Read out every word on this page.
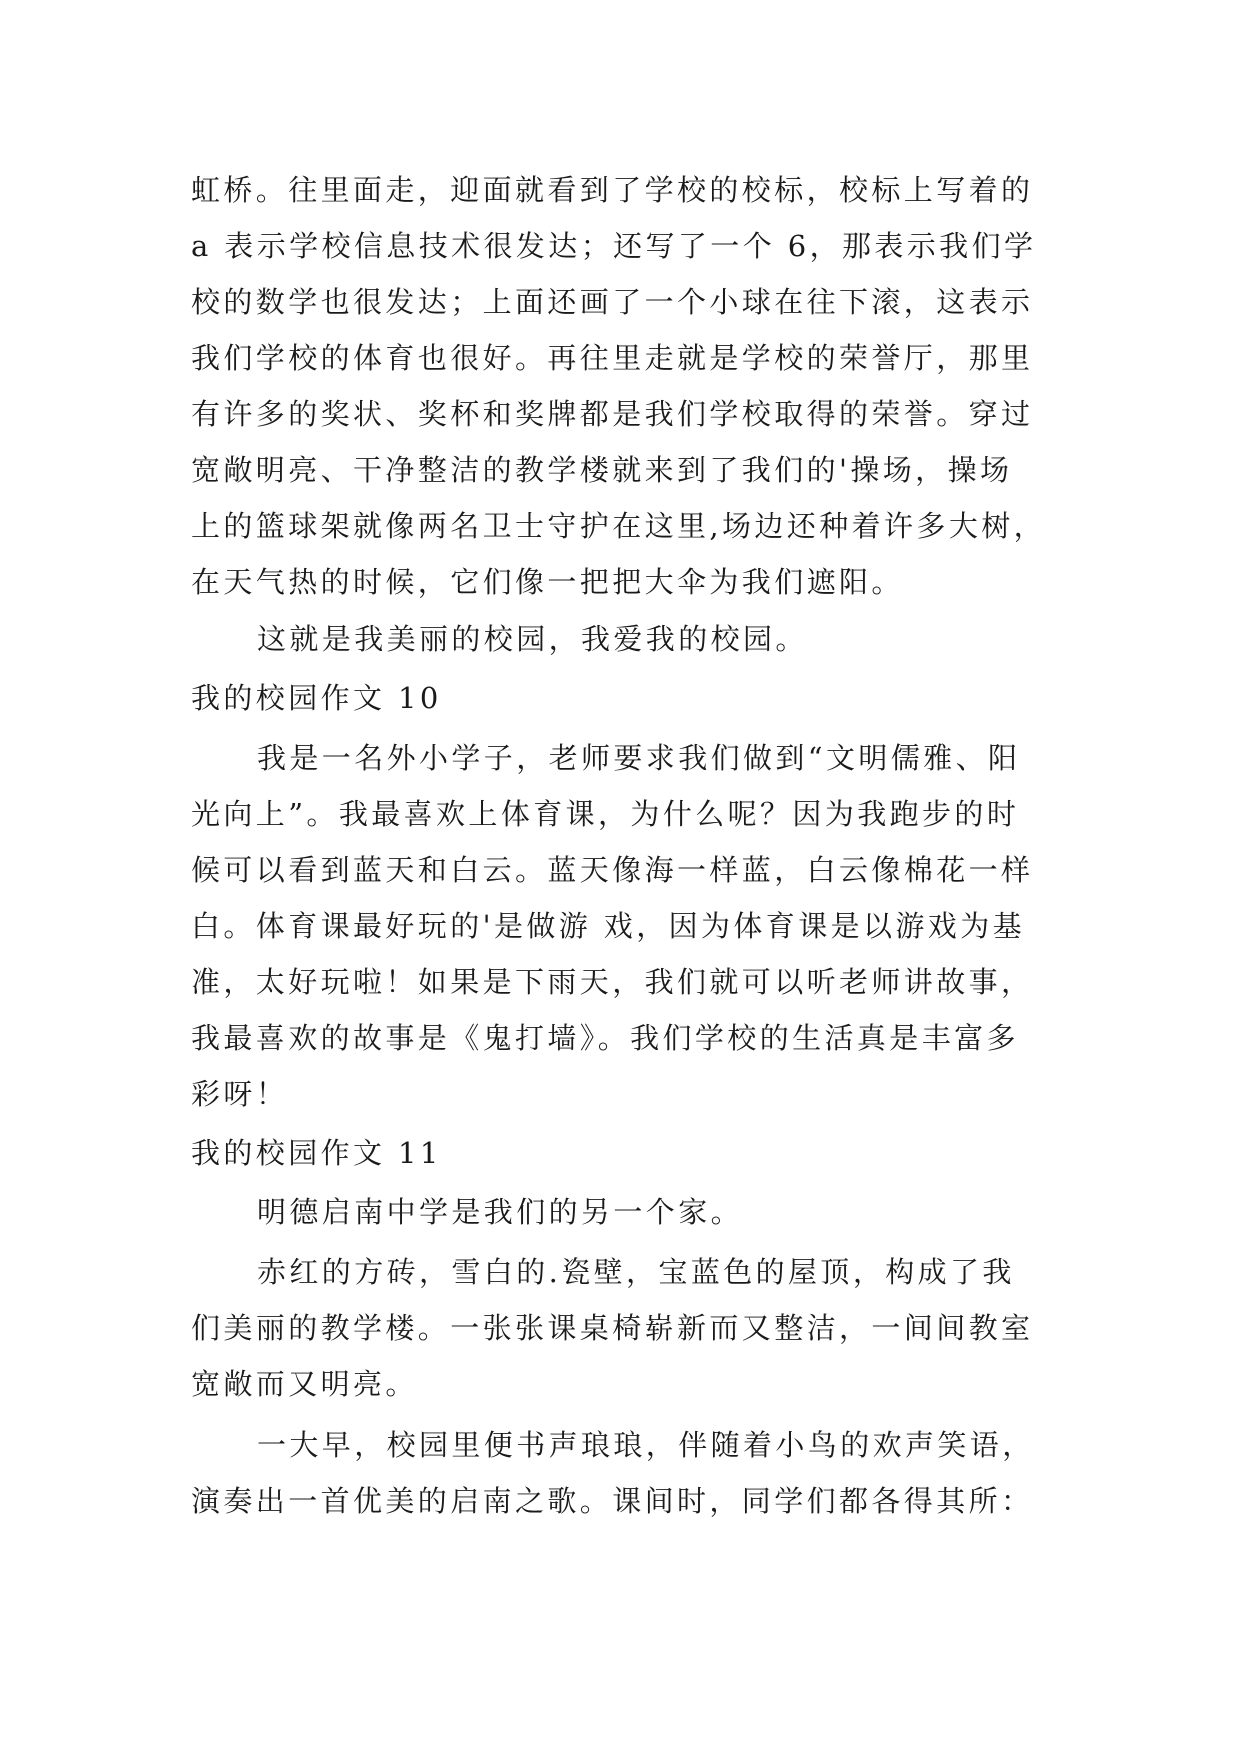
虹桥。往里面走，迎面就看到了学校的校标，校标上写着的
a 表示学校信息技术很发达；还写了一个 6，那表示我们学
校的数学也很发达；上面还画了一个小球在往下滚，这表示
我们学校的体育也很好。再往里走就是学校的荣誉厅，那里
有许多的奖状、奖杯和奖牌都是我们学校取得的荣誉。穿过
宽敞明亮、干净整洁的教学楼就来到了我们的'操场，操场
上的篮球架就像两名卫士守护在这里,场边还种着许多大树，
在天气热的时候，它们像一把把大伞为我们遮阳。
这就是我美丽的校园，我爱我的校园。
我的校园作文 10
我是一名外小学子，老师要求我们做到“文明儒雅、阳
光向上”。我最喜欢上体育课，为什么呢？因为我跑步的时
候可以看到蓝天和白云。蓝天像海一样蓝，白云像棉花一样
白。体育课最好玩的'是做游 戏，因为体育课是以游戏为基
准，太好玩啦！如果是下雨天，我们就可以听老师讲故事，
我最喜欢的故事是《鬼打墙》。我们学校的生活真是丰富多
彩呀！
我的校园作文 11
明德启南中学是我们的另一个家。
赤红的方砖，雪白的.瓷壁，宝蓝色的屋顶，构成了我
们美丽的教学楼。一张张课桌椅崭新而又整洁，一间间教室
宽敞而又明亮。
一大早，校园里便书声琅琅，伴随着小鸟的欢声笑语，
演奏出一首优美的启南之歌。课间时，同学们都各得其所：
